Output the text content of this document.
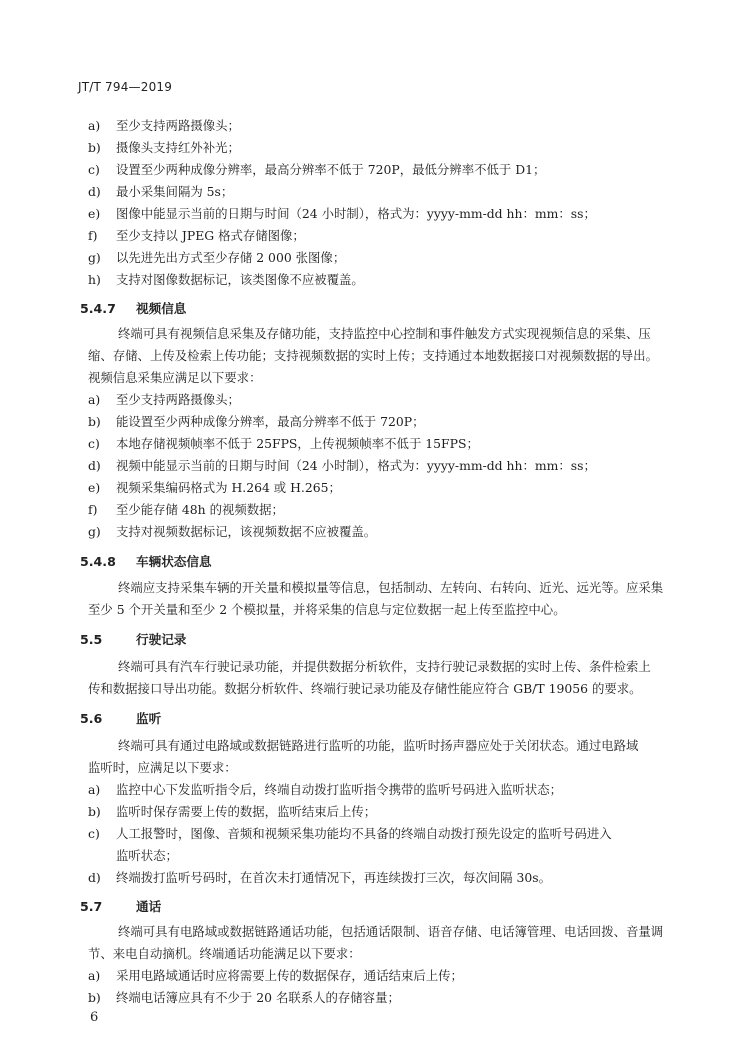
JT/T 794—2019
a) 至少支持两路摄像头；
b) 摄像头支持红外补光；
c) 设置至少两种成像分辨率，最高分辨率不低于 720P，最低分辨率不低于 D1；
d) 最小采集间隔为 5s；
e) 图像中能显示当前的日期与时间（24 小时制），格式为：yyyy-mm-dd hh：mm：ss；
f) 至少支持以 JPEG 格式存储图像；
g) 以先进先出方式至少存储 2 000 张图像；
h) 支持对图像数据标记，该类图像不应被覆盖。
5.4.7 视频信息
终端可具有视频信息采集及存储功能，支持监控中心控制和事件触发方式实现视频信息的采集、压
缩、存储、上传及检索上传功能；支持视频数据的实时上传；支持通过本地数据接口对视频数据的导出。
视频信息采集应满足以下要求：
a) 至少支持两路摄像头；
b) 能设置至少两种成像分辨率，最高分辨率不低于 720P；
c) 本地存储视频帧率不低于 25FPS，上传视频帧率不低于 15FPS；
d) 视频中能显示当前的日期与时间（24 小时制），格式为：yyyy-mm-dd hh：mm：ss；
e) 视频采集编码格式为 H.264 或 H.265；
f) 至少能存储 48h 的视频数据；
g) 支持对视频数据标记，该视频数据不应被覆盖。
5.4.8 车辆状态信息
终端应支持采集车辆的开关量和模拟量等信息，包括制动、左转向、右转向、近光、远光等。应采集
至少 5 个开关量和至少 2 个模拟量，并将采集的信息与定位数据一起上传至监控中心。
5.5	行驶记录
终端可具有汽车行驶记录功能，并提供数据分析软件，支持行驶记录数据的实时上传、条件检索上
传和数据接口导出功能。数据分析软件、终端行驶记录功能及存储性能应符合 GB/T 19056 的要求。
5.6	监听
终端可具有通过电路域或数据链路进行监听的功能，监听时扬声器应处于关闭状态。通过电路域
监听时，应满足以下要求：
a) 监控中心下发监听指令后，终端自动拨打监听指令携带的监听号码进入监听状态；
b) 监听时保存需要上传的数据，监听结束后上传；
c) 人工报警时，图像、音频和视频采集功能均不具备的终端自动拨打预先设定的监听号码进入
监听状态；
d) 终端拨打监听号码时，在首次未打通情况下，再连续拨打三次，每次间隔 30s。
5.7	通话
终端可具有电路域或数据链路通话功能，包括通话限制、语音存储、电话簿管理、电话回拨、音量调
节、来电自动摘机。终端通话功能满足以下要求：
a) 采用电路域通话时应将需要上传的数据保存，通话结束后上传；
b) 终端电话簿应具有不少于 20 名联系人的存储容量；
6
